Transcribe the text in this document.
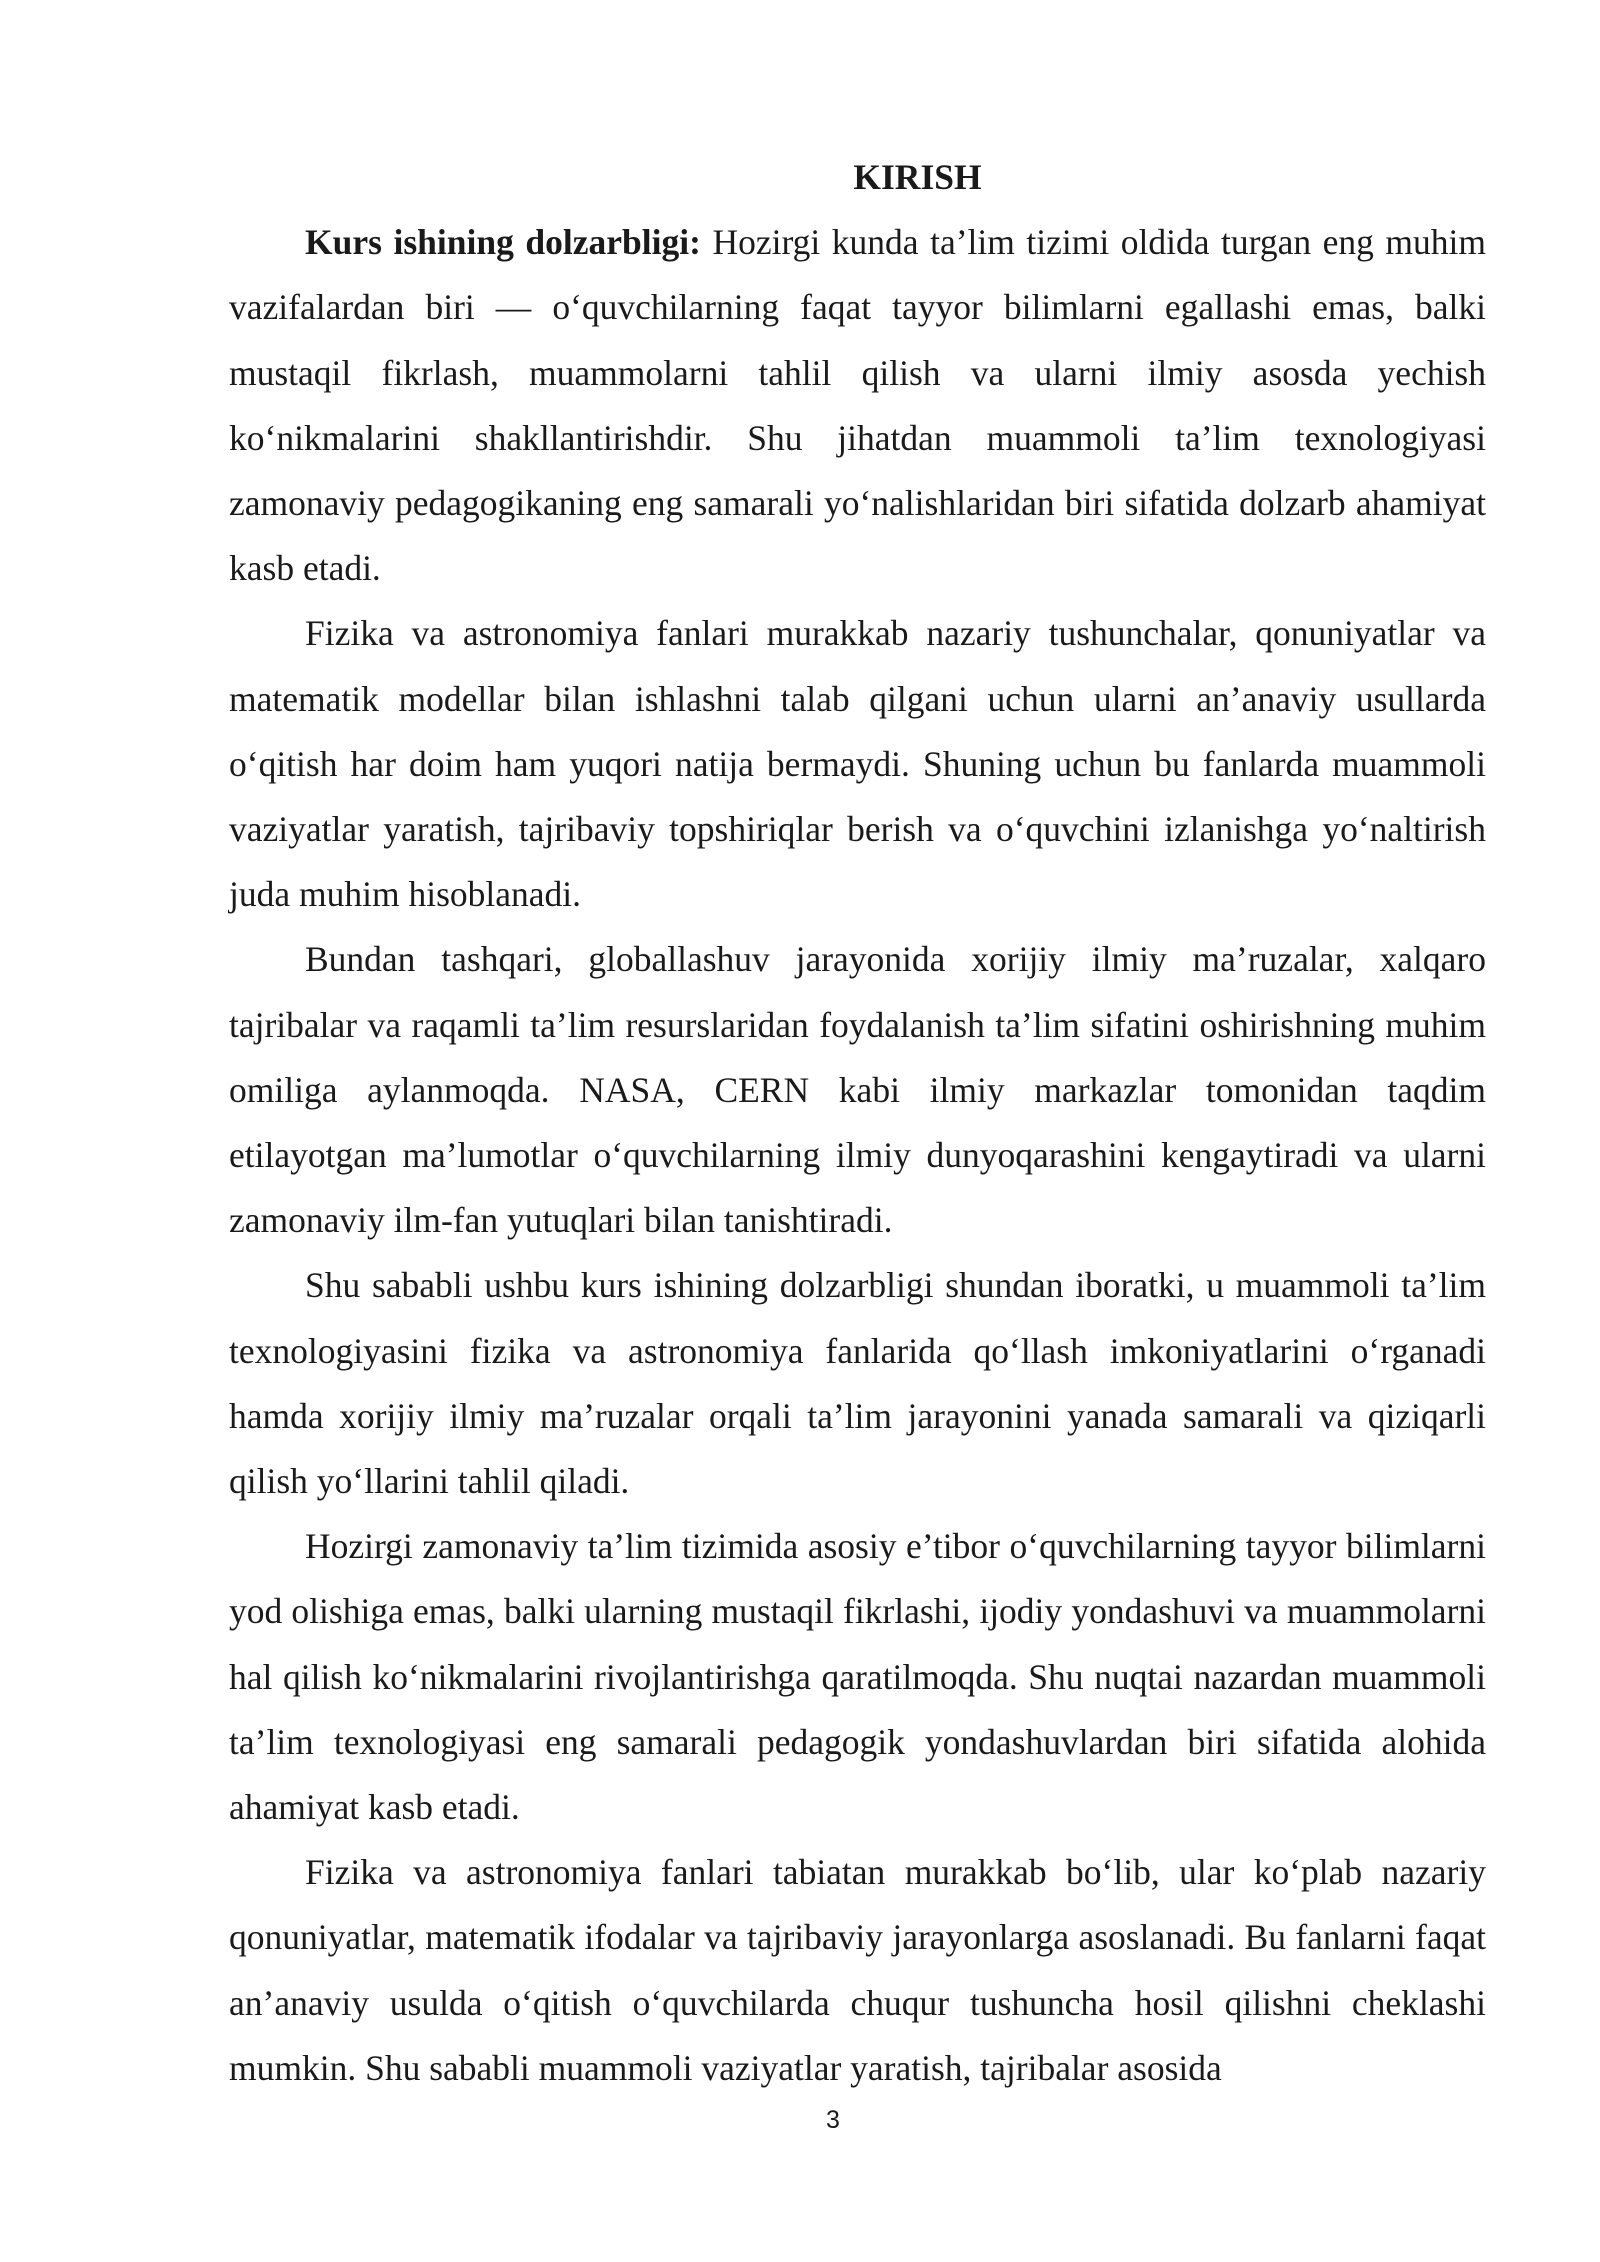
KIRISH

Kurs ishining dolzarbligi: Hozirgi kunda ta’lim tizimi oldida turgan eng muhim vazifalardan biri — o‘quvchilarning faqat tayyor bilimlarni egallashi emas, balki mustaqil fikrlash, muammolarni tahlil qilish va ularni ilmiy asosda yechish ko‘nikmalarini shakllantirishdir. Shu jihatdan muammoli ta’lim texnologiyasi zamonaviy pedagogikaning eng samarali yo‘nalishlaridan biri sifatida dolzarb ahamiyat kasb etadi.

Fizika va astronomiya fanlari murakkab nazariy tushunchalar, qonuniyatlar va matematik modellar bilan ishlashni talab qilgani uchun ularni an’anaviy usullarda o‘qitish har doim ham yuqori natija bermaydi. Shuning uchun bu fanlarda muammoli vaziyatlar yaratish, tajribaviy topshiriqlar berish va o‘quvchini izlanishga yo‘naltirish juda muhim hisoblanadi.

Bundan tashqari, globallashuv jarayonida xorijiy ilmiy ma’ruzalar, xalqaro tajribalar va raqamli ta’lim resurslaridan foydalanish ta’lim sifatini oshirishning muhim omiliga aylanmoqda. NASA, CERN kabi ilmiy markazlar tomonidan taqdim etilayotgan ma’lumotlar o‘quvchilarning ilmiy dunyoqarashini kengaytiradi va ularni zamonaviy ilm-fan yutuqlari bilan tanishtiradi.

Shu sababli ushbu kurs ishining dolzarbligi shundan iboratki, u muammoli ta’lim texnologiyasini fizika va astronomiya fanlarida qo‘llash imkoniyatlarini o‘rganadi hamda xorijiy ilmiy ma’ruzalar orqali ta’lim jarayonini yanada samarali va qiziqarli qilish yo‘llarini tahlil qiladi.

Hozirgi zamonaviy ta’lim tizimida asosiy e’tibor o‘quvchilarning tayyor bilimlarni yod olishiga emas, balki ularning mustaqil fikrlashi, ijodiy yondashuvi va muammolarni hal qilish ko‘nikmalarini rivojlantirishga qaratilmoqda. Shu nuqtai nazardan muammoli ta’lim texnologiyasi eng samarali pedagogik yondashuvlardan biri sifatida alohida ahamiyat kasb etadi.

Fizika va astronomiya fanlari tabiatan murakkab bo‘lib, ular ko‘plab nazariy qonuniyatlar, matematik ifodalar va tajribaviy jarayonlarga asoslanadi. Bu fanlarni faqat an’anaviy usulda o‘qitish o‘quvchilarda chuqur tushuncha hosil qilishni cheklashi mumkin. Shu sababli muammoli vaziyatlar yaratish, tajribalar asosida

3
